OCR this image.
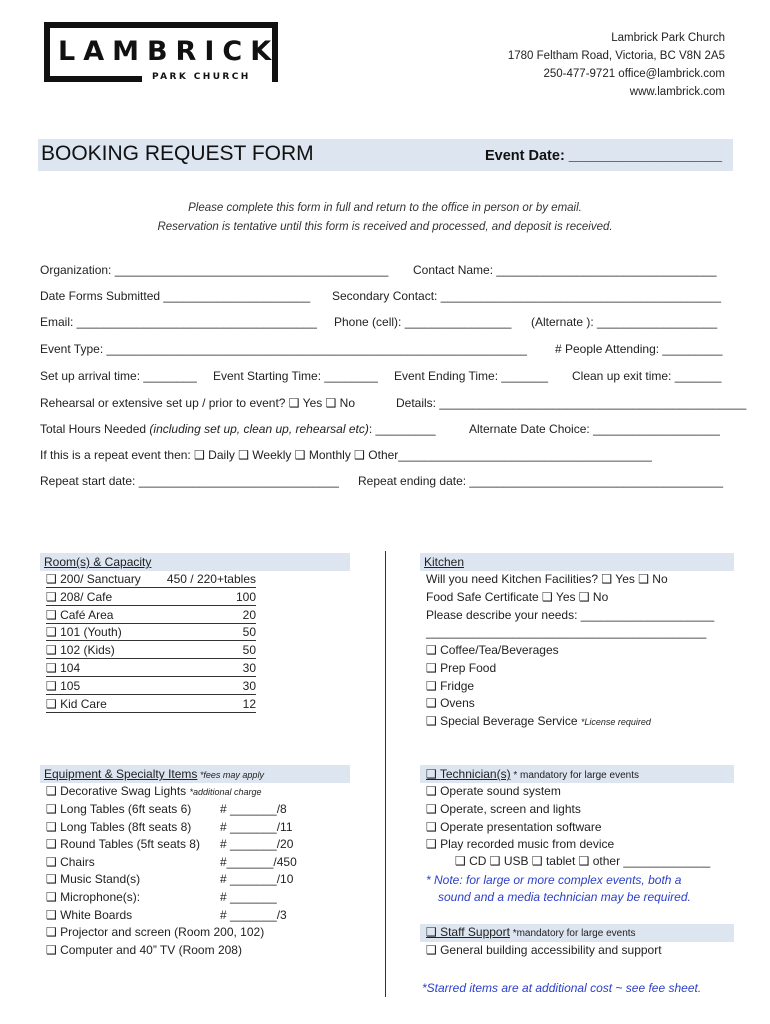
LAMBRICK
PARK CHURCH
Lambrick Park Church
1780 Feltham Road, Victoria, BC V8N 2A5
250-477-9721 office@lambrick.com
www.lambrick.com
BOOKING REQUEST FORM	Event Date: ___________________
Please complete this form in full and return to the office in person or by email.
Reservation is tentative until this form is received and processed, and deposit is received.
Organization: _________________________________________ Contact Name: _________________________________
Date Forms Submitted ______________________ Secondary Contact: __________________________________________
Email: ____________________________________ Phone (cell): ________________ (Alternate ): __________________
Event Type: _______________________________________________________________ # People Attending: _________
Set up arrival time: ________ Event Starting Time: ________ Event Ending Time: _______ Clean up exit time: _______
Rehearsal or extensive set up / prior to event? ❑ Yes ❑ No	Details: ______________________________________________
Total Hours Needed (including set up, clean up, rehearsal etc): _________	Alternate Date Choice: ___________________
If this is a repeat event then: ❑ Daily ❑ Weekly ❑ Monthly ❑ Other______________________________________
Repeat start date: ______________________________ Repeat ending date: ______________________________________
Room(s) & Capacity
❑ 200/ Sanctuary 450 / 220+tables
❑ 208/ Cafe	100
❑ Café Area	20
❑ 101 (Youth)	50
❑ 102 (Kids)	50
❑ 104	30
❑ 105	30
❑ Kid Care	12
Kitchen
Will you need Kitchen Facilities? ❑ Yes ❑ No
Food Safe Certificate ❑ Yes ❑ No
Please describe your needs: ____________________
__________________________________________
❑ Coffee/Tea/Beverages
❑ Prep Food
❑ Fridge
❑ Ovens
❑ Special Beverage Service *License required
Equipment & Specialty Items *fees may apply
❑ Decorative Swag Lights *additional charge
❑ Long Tables (6ft seats 6) # _______/8
❑ Long Tables (8ft seats 8) # _______/11
❑ Round Tables (5ft seats 8) # _______/20
❑ Chairs	#_______/450
❑ Music Stand(s)	# _______/10
❑ Microphone(s):	# _______
❑ White Boards	# _______/3
❑ Projector and screen (Room 200, 102)
❑ Computer and 40” TV (Room 208)
❑ Technician(s) * mandatory for large events
❑ Operate sound system
❑ Operate, screen and lights
❑ Operate presentation software
❑ Play recorded music from device
❑ CD ❑ USB ❑ tablet ❑ other _____________
* Note: for large or more complex events, both a
sound and a media technician may be required.
❑ Staff Support *mandatory for large events
❑ General building accessibility and support
*Starred items are at additional cost ~ see fee sheet.
